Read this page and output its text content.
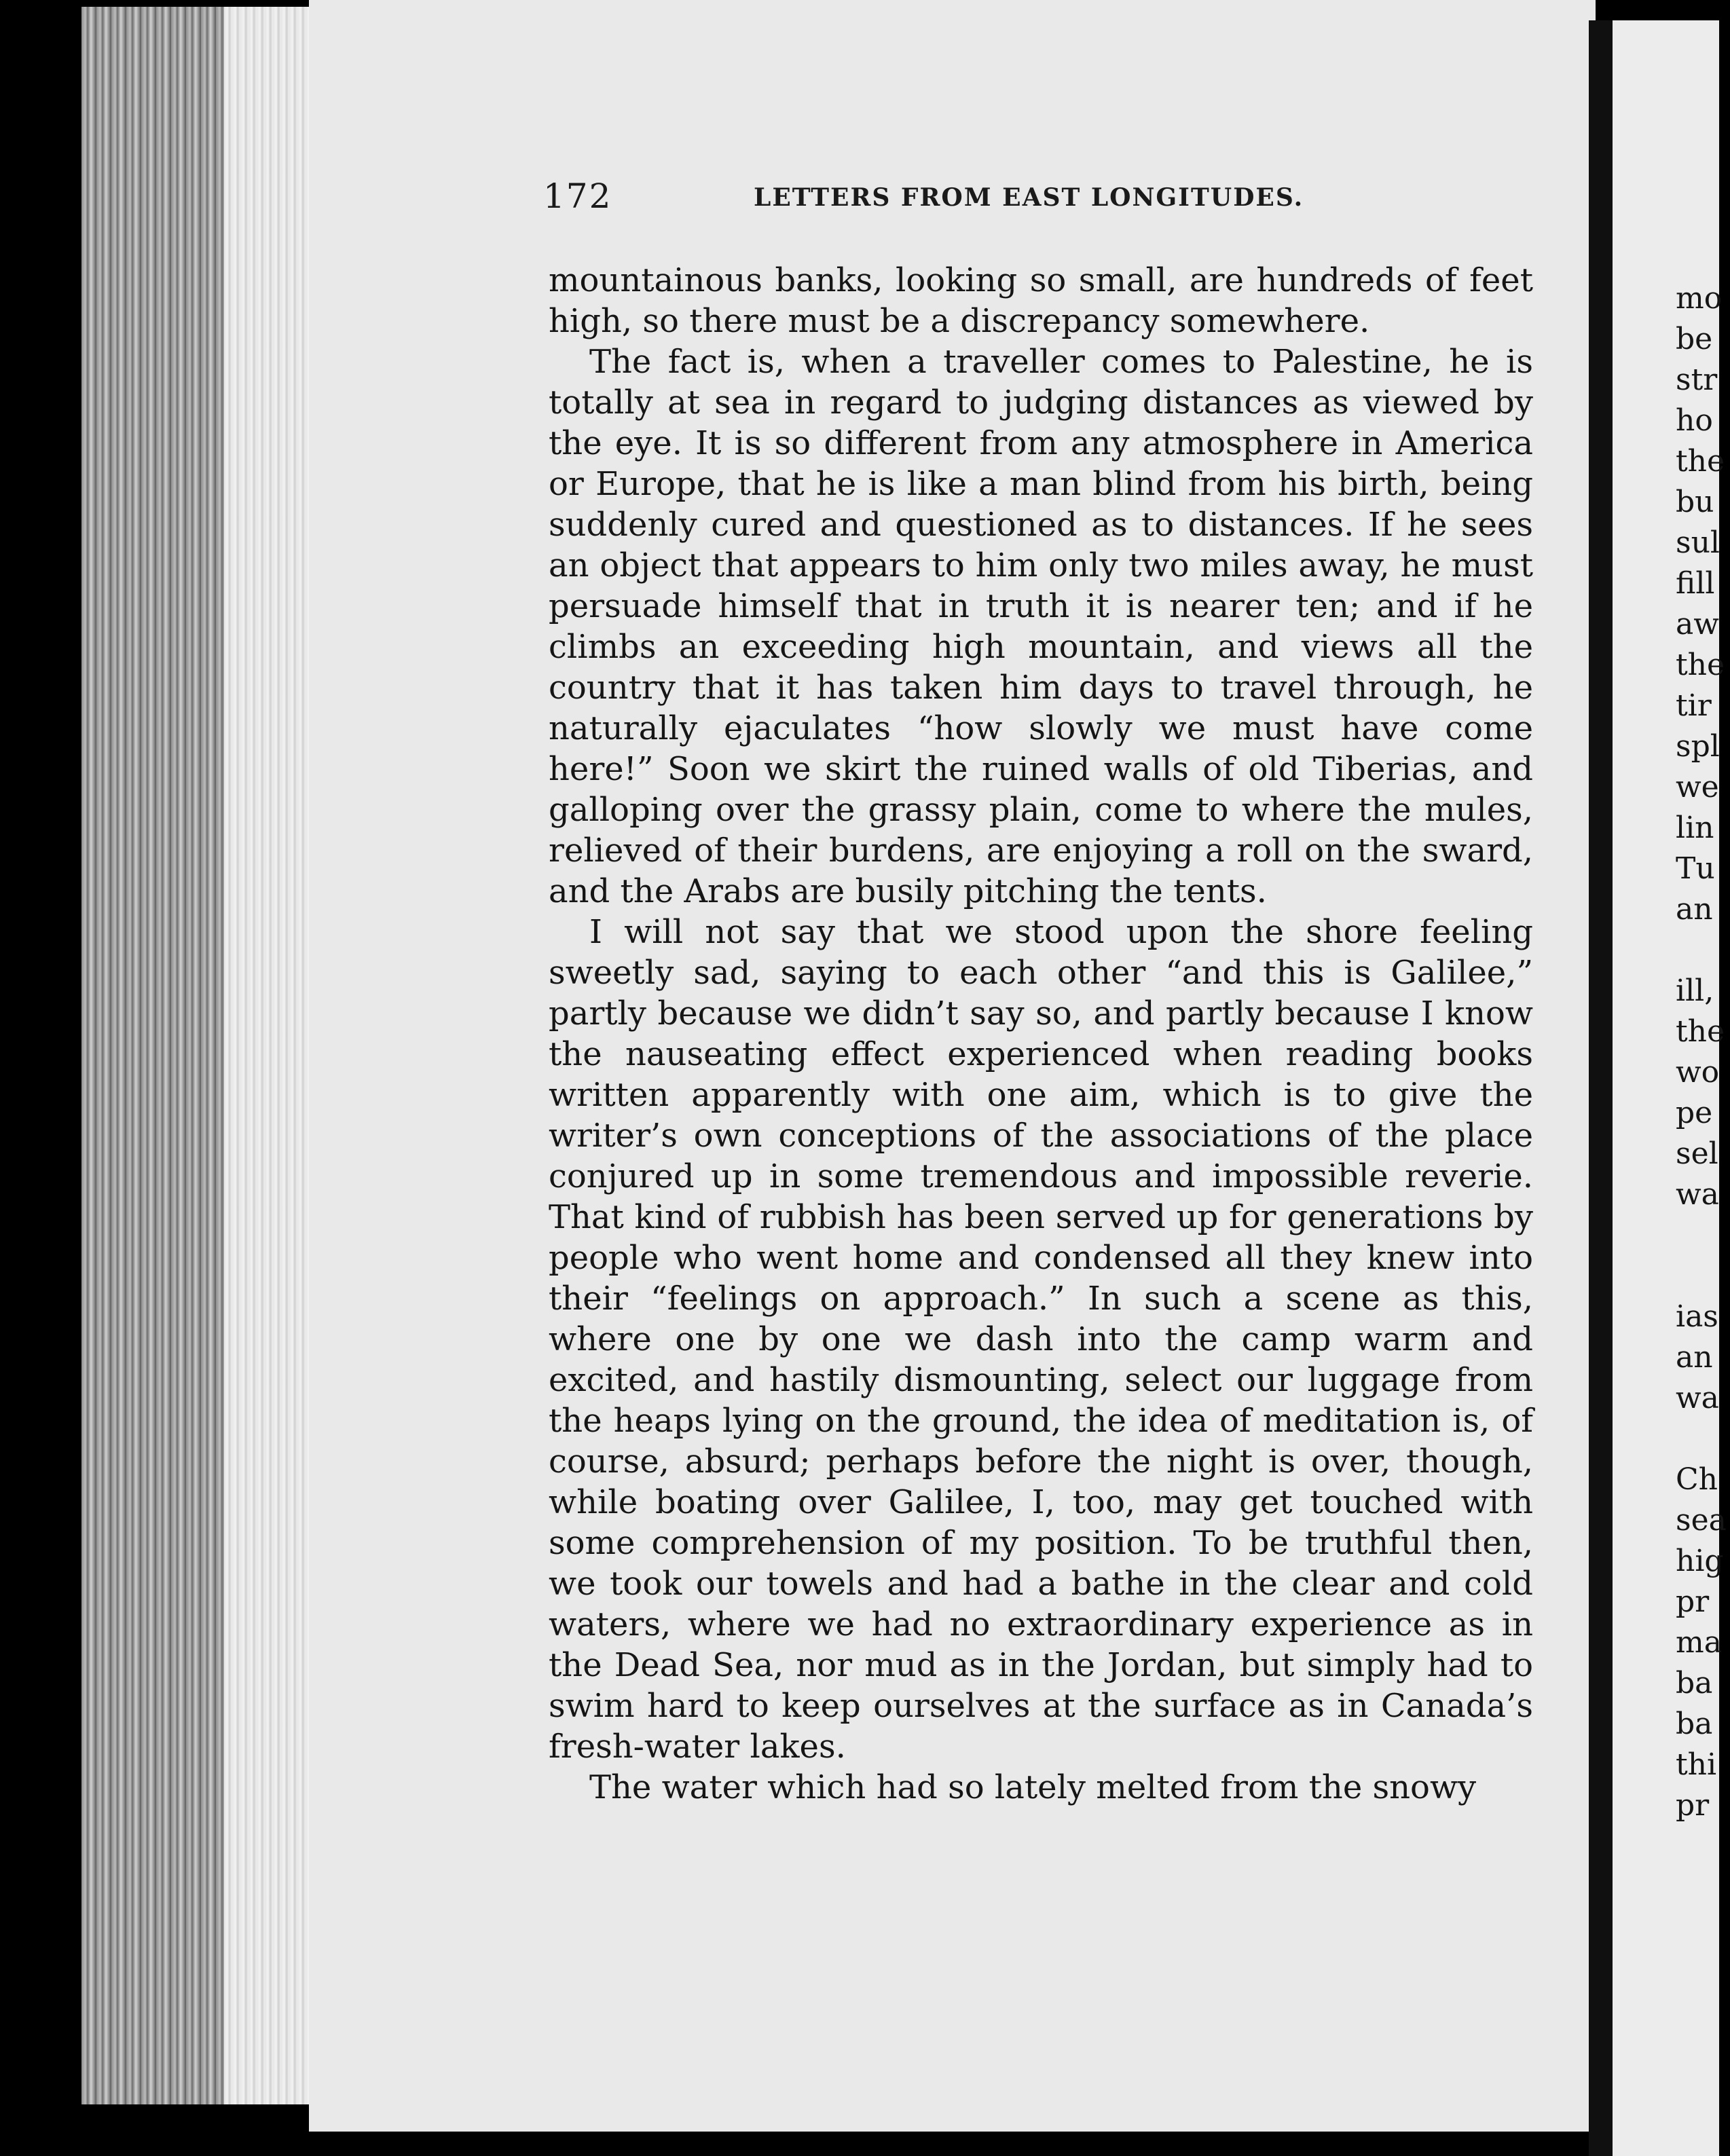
172	LETTERS FROM EAST LONGITUDES.

mountainous banks, looking so small, are hundreds of feet high, so there must be a discrepancy somewhere.

The fact is, when a traveller comes to Palestine, he is totally at sea in regard to judging distances as viewed by the eye. It is so different from any atmosphere in America or Europe, that he is like a man blind from his birth, being suddenly cured and questioned as to distances. If he sees an object that appears to him only two miles away, he must persuade himself that in truth it is nearer ten; and if he climbs an exceeding high mountain, and views all the country that it has taken him days to travel through, he naturally ejaculates “how slowly we must have come here!” Soon we skirt the ruined walls of old Tiberias, and galloping over the grassy plain, come to where the mules, relieved of their burdens, are enjoying a roll on the sward, and the Arabs are busily pitching the tents.

I will not say that we stood upon the shore feeling sweetly sad, saying to each other “and this is Galilee,” partly because we didn’t say so, and partly because I know the nauseating effect experienced when reading books written apparently with one aim, which is to give the writer’s own conceptions of the associations of the place conjured up in some tremendous and impossible reverie. That kind of rubbish has been served up for generations by people who went home and condensed all they knew into their “feelings on approach.” In such a scene as this, where one by one we dash into the camp warm and excited, and hastily dismounting, select our luggage from the heaps lying on the ground, the idea of meditation is, of course, absurd; perhaps before the night is over, though, while boating over Galilee, I, too, may get touched with some comprehension of my position. To be truthful then, we took our towels and had a bathe in the clear and cold waters, where we had no extraordinary experience as in the Dead Sea, nor mud as in the Jordan, but simply had to swim hard to keep ourselves at the surface as in Canada’s fresh-water lakes.

The water which had so lately melted from the snowy

mo
be
str
ho
the
bu
sul
fill
aw
the
tir
spl
we
lin
Tu
an
ill,
the
wo
pe
sel
wa
ias
an
wa
Ch
sea
hig
pr
ma
ba
ba
thi
pr
